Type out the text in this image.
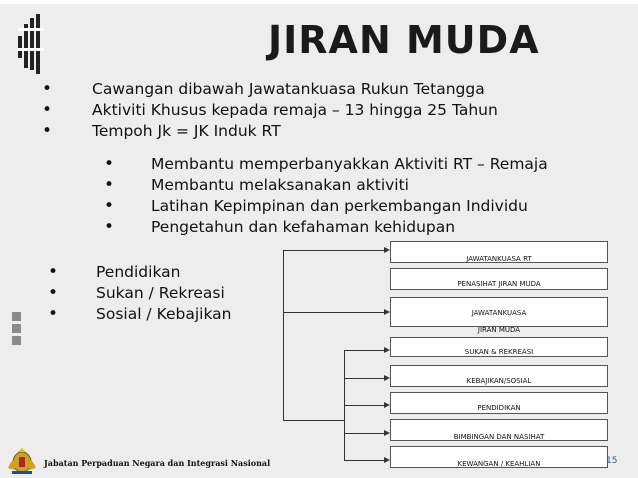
JIRAN MUDA
•	Cawangan dibawah Jawatankuasa Rukun Tetangga
•	Aktiviti Khusus kepada remaja – 13 hingga 25 Tahun
•	Tempoh Jk = JK Induk RT
• Membantu memperbanyakkan Aktiviti RT – Remaja
• Membantu melaksanakan aktiviti
• Latihan Kepimpinan dan perkembangan Individu
• Pengetahun dan kefahaman kehidupan
• Pendidikan
• Sukan / Rekreasi
• Sosial / Kebajikan
JAWATANKUASA RT
PENASIHAT JIRAN MUDA
JAWATANKUASA
JIRAN MUDA
SUKAN & REKREASI
KEBAJIKAN/SOSIAL
PENDIDIKAN
BIMBINGAN DAN NASIHAT
KEWANGAN / KEAHLIAN
Jabatan Perpaduan Negara dan Integrasi Nasional	15
